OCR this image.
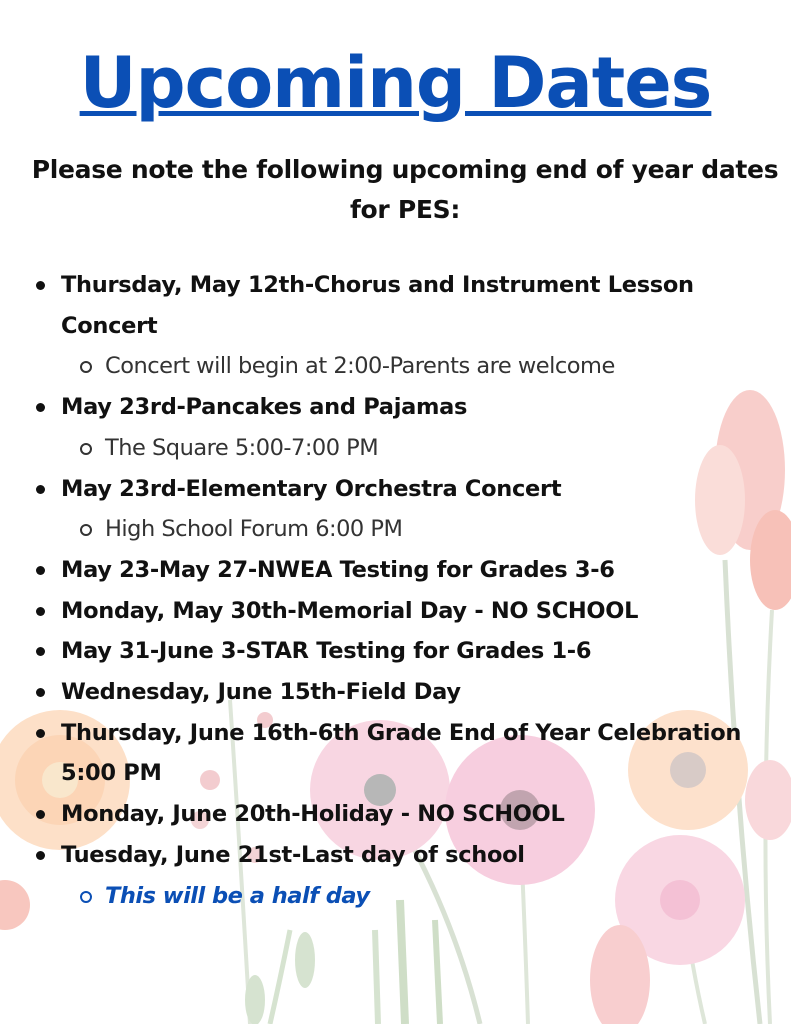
Upcoming Dates
Please note the following upcoming end of year dates for PES:
Thursday, May 12th-Chorus and Instrument Lesson Concert
Concert will begin at 2:00-Parents are welcome
May 23rd-Pancakes and Pajamas
The Square 5:00-7:00 PM
May 23rd-Elementary Orchestra Concert
High School Forum 6:00 PM
May 23-May 27-NWEA Testing for Grades 3-6
Monday, May 30th-Memorial Day - NO SCHOOL
May 31-June 3-STAR Testing for Grades 1-6
Wednesday, June 15th-Field Day
Thursday, June 16th-6th Grade End of Year Celebration 5:00 PM
Monday, June 20th-Holiday - NO SCHOOL
Tuesday, June 21st-Last day of school
This will be a half day
